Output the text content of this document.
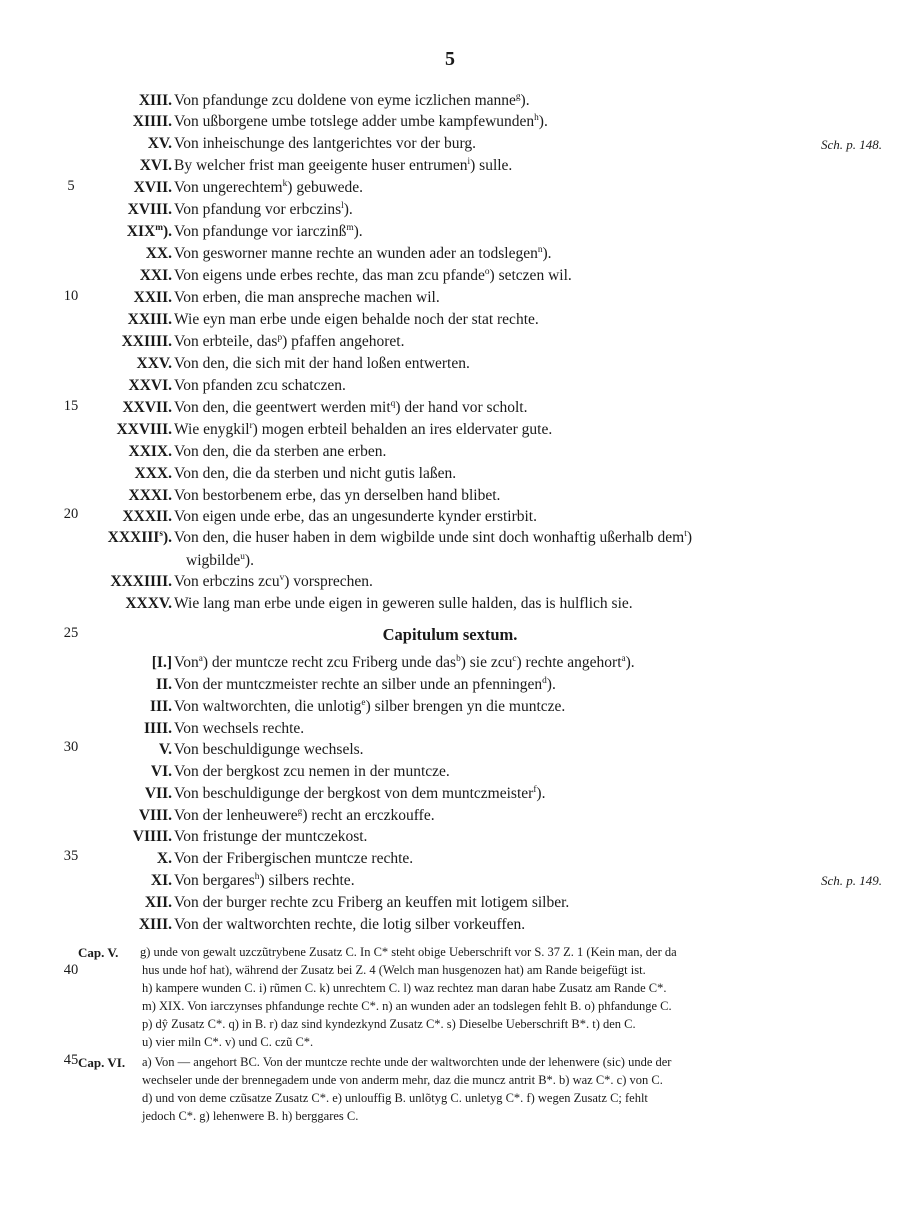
5
Sch. p. 148.
Sch. p. 149.
5
10
15
20
25
30
35
40
45
XIII. Von pfandunge zcu doldene von eyme iczlichen manne$^g$).
XIIII. Von ußborgene umbe totslege adder umbe kampfewunden$^h$).
XV. Von inheischunge des lantgerichtes vor der burg.
XVI. By welcher frist man geeigente huser entrumen$^i$) sulle.
XVII. Von ungerechtem$^k$) gebuwede.
XVIII. Von pfandung vor erbczins$^l$).
XIX$^m$). Von pfandunge vor iarczinß$^m$).
XX. Von gesworner manne rechte an wunden ader an todslegen$^n$).
XXI. Von eigens unde erbes rechte, das man zcu pfande$^o$) setczen wil.
XXII. Von erben, die man anspreche machen wil.
XXIII. Wie eyn man erbe unde eigen behalde noch der stat rechte.
XXIIII. Von erbteile, das$^p$) pfaffen angehoret.
XXV. Von den, die sich mit der hand loßen entwerten.
XXVI. Von pfanden zcu schatczen.
XXVII. Von den, die geentwert werden mit$^q$) der hand vor scholt.
XXVIII. Wie enygkil$^r$) mogen erbteil behalden an ires eldervater gute.
XXIX. Von den, die da sterben ane erben.
XXX. Von den, die da sterben und nicht gutis laßen.
XXXI. Von bestorbenem erbe, das yn derselben hand blibet.
XXXII. Von eigen unde erbe, das an ungesunderte kynder erstirbit.
XXXIII$^s$). Von den, die huser haben in dem wigbilde unde sint doch wonhaftig ußerhalb dem$^t$)
wigbilde$^u$).
XXXIIII. Von erbczins zcu$^v$) vorsprechen.
XXXV. Wie lang man erbe unde eigen in geweren sulle halden, das is hulflich sie.
Capitulum sextum.
[I.] Von$^a$) der muntcze recht zcu Friberg unde das$^b$) sie zcu$^c$) rechte angehort$^a$).
II. Von der muntczmeister rechte an silber unde an pfenningen$^d$).
III. Von waltworchten, die unlotig$^e$) silber brengen yn die muntcze.
IIII. Von wechsels rechte.
V. Von beschuldigunge wechsels.
VI. Von der bergkost zcu nemen in der muntcze.
VII. Von beschuldigunge der bergkost von dem muntczmeister$^f$).
VIII. Von der lenheuwere$^g$) recht an erczkouffe.
VIIII. Von fristunge der muntczekost.
X. Von der Fribergischen muntcze rechte.
XI. Von bergares$^h$) silbers rechte.
XII. Von der burger rechte zcu Friberg an keuffen mit lotigem silber.
XIII. Von der waltworchten rechte, die lotig silber vorkeuffen.
Cap. V. g) unde von gewalt uzczũtrybene Zusatz C. In C* steht obige Ueberschrift vor S. 37 Z. 1 (Kein man, der da
hus unde hof hat), während der Zusatz bei Z. 4 (Welch man husgenozen hat) am Rande beigefügt ist.
h) kampere wunden C. i) rũmen C. k) unrechtem C. l) waz rechtez man daran habe Zusatz am Rande C*.
m) XIX. Von iarczynses phfandunge rechte C*. n) an wunden ader an todslegen fehlt B. o) phfandunge C.
p) dŷ Zusatz C*. q) in B. r) daz sind kyndezkynd Zusatz C*. s) Dieselbe Ueberschrift B*. t) den C.
u) vier miln C*. v) und C. czũ C*.
Cap. VI. a) Von — angehort BC. Von der muntcze rechte unde der waltworchten unde der lehenwere (sic) unde der
wechseler unde der brennegadem unde von anderm mehr, daz die muncz antrit B*. b) waz C*. c) von C.
d) und von deme czũsatze Zusatz C*. e) unlouffig B. unlõtyg C. unletyg C*. f) wegen Zusatz C; fehlt
jedoch C*. g) lehenwere B. h) berggares C.
